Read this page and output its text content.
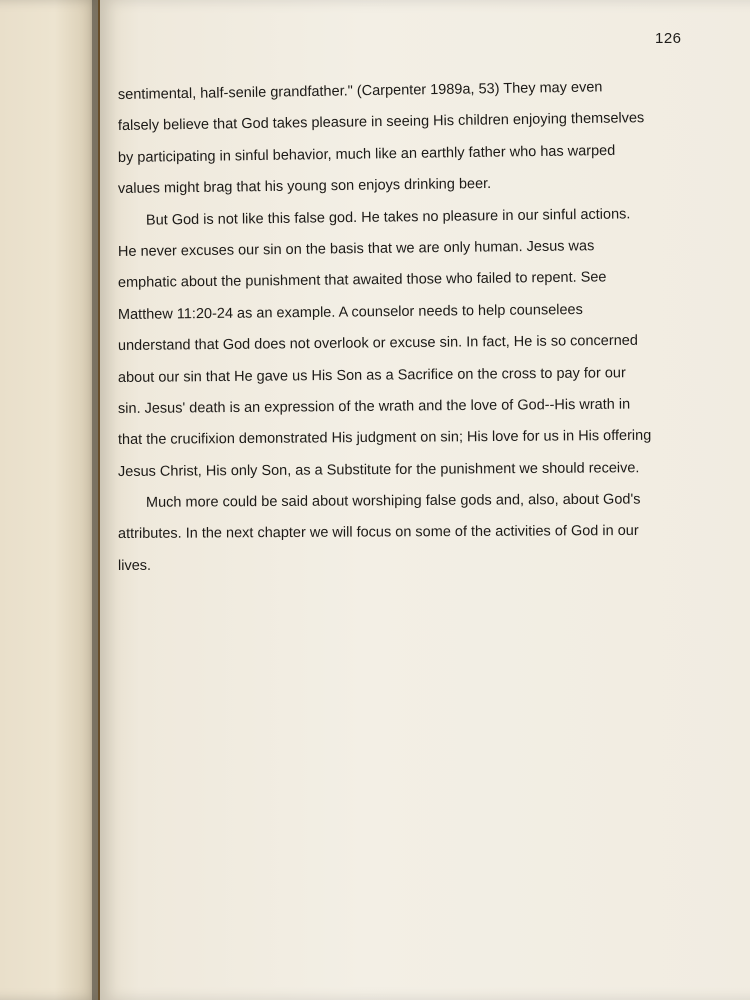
126
sentimental, half-senile grandfather." (Carpenter 1989a, 53) They may even
falsely believe that God takes pleasure in seeing His children enjoying themselves
by participating in sinful behavior, much like an earthly father who has warped
values might brag that his young son enjoys drinking beer.
But God is not like this false god. He takes no pleasure in our sinful actions.
He never excuses our sin on the basis that we are only human. Jesus was
emphatic about the punishment that awaited those who failed to repent. See
Matthew 11:20-24 as an example. A counselor needs to help counselees
understand that God does not overlook or excuse sin. In fact, He is so concerned
about our sin that He gave us His Son as a Sacrifice on the cross to pay for our
sin. Jesus' death is an expression of the wrath and the love of God--His wrath in
that the crucifixion demonstrated His judgment on sin; His love for us in His offering
Jesus Christ, His only Son, as a Substitute for the punishment we should receive.
Much more could be said about worshiping false gods and, also, about God's
attributes. In the next chapter we will focus on some of the activities of God in our
lives.
